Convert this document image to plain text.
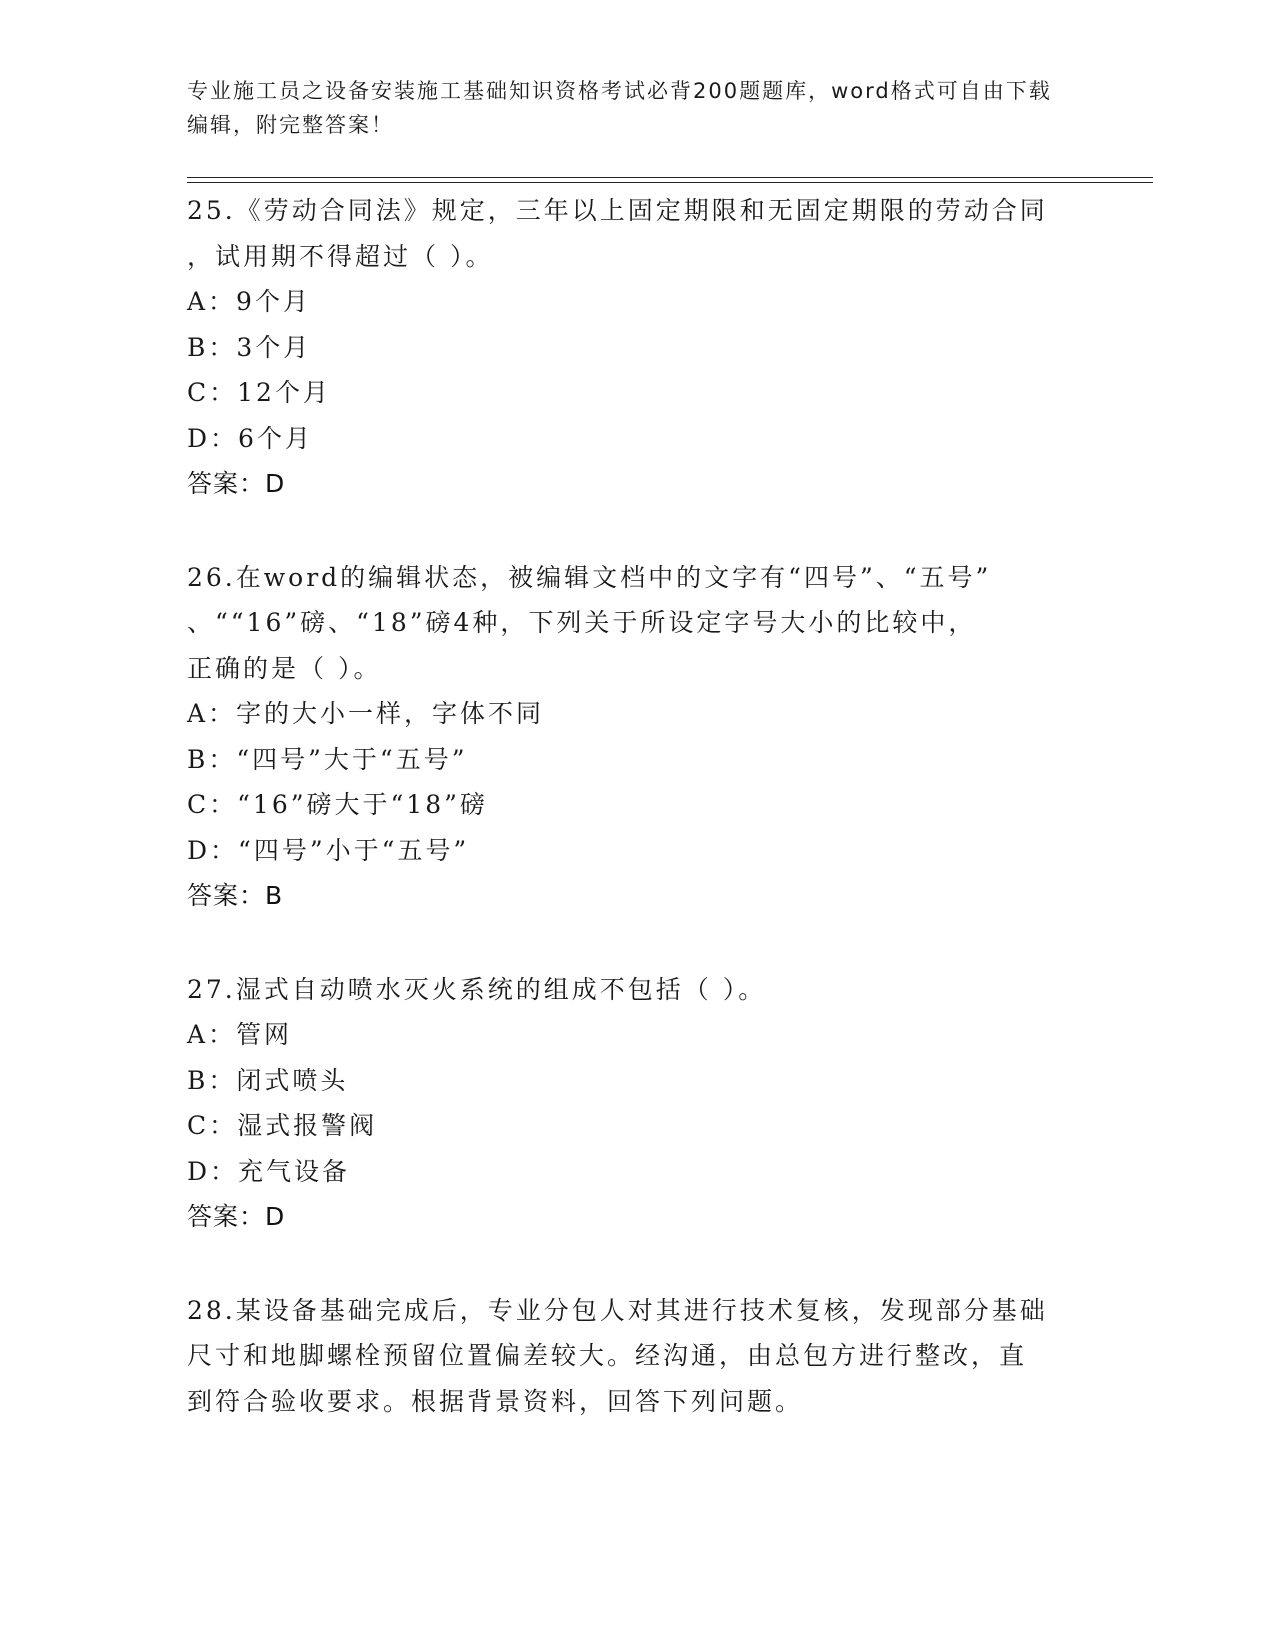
专业施工员之设备安装施工基础知识资格考试必背200题题库，word格式可自由下载编辑，附完整答案！
25.《劳动合同法》规定，三年以上固定期限和无固定期限的劳动合同
，试用期不得超过（ ）。
A：9个月
B：3个月
C：12个月
D：6个月
答案：D
26.在word的编辑状态，被编辑文档中的文字有“四号”、“五号”
、““16”磅、“18”磅4种，下列关于所设定字号大小的比较中，
正确的是（ ）。
A：字的大小一样，字体不同
B：“四号”大于“五号”
C：“16”磅大于“18”磅
D：“四号”小于“五号”
答案：B
27.湿式自动喷水灭火系统的组成不包括（ ）。
A：管网
B：闭式喷头
C：湿式报警阀
D：充气设备
答案：D
28.某设备基础完成后，专业分包人对其进行技术复核，发现部分基础
尺寸和地脚螺栓预留位置偏差较大。经沟通，由总包方进行整改，直
到符合验收要求。根据背景资料，回答下列问题。
